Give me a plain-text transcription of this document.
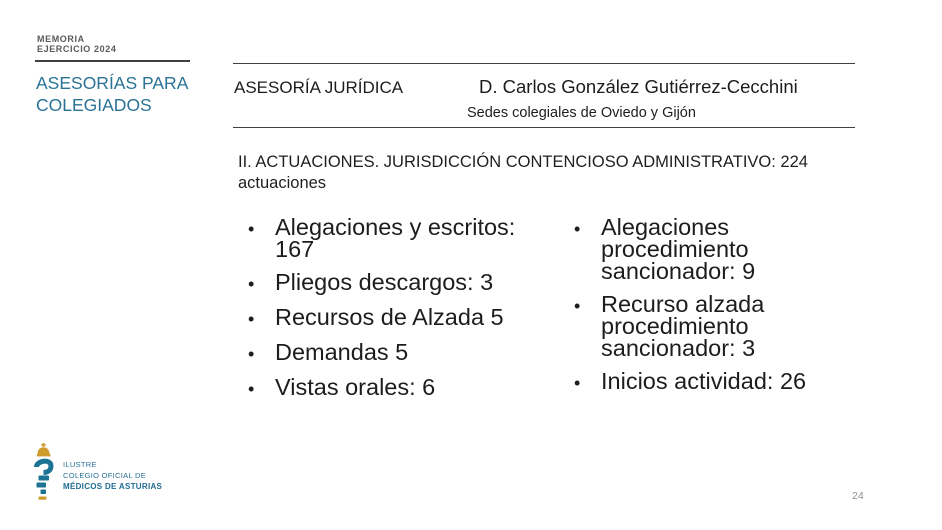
MEMORIA
EJERCICIO 2024
ASESORÍAS PARA COLEGIADOS
ASESORÍA JURÍDICA	D. Carlos González Gutiérrez-Cecchini
Sedes colegiales de Oviedo y Gijón
II. ACTUACIONES. JURISDICCIÓN CONTENCIOSO ADMINISTRATIVO: 224 actuaciones
• Alegaciones y escritos: 167
• Pliegos descargos: 3
• Recursos de Alzada 5
• Demandas 5
• Vistas orales: 6
• Alegaciones procedimiento sancionador: 9
• Recurso alzada procedimiento sancionador: 3
• Inicios actividad: 26
ILUSTRE
COLEGIO OFICIAL DE
MÉDICOS DE ASTURIAS
24
